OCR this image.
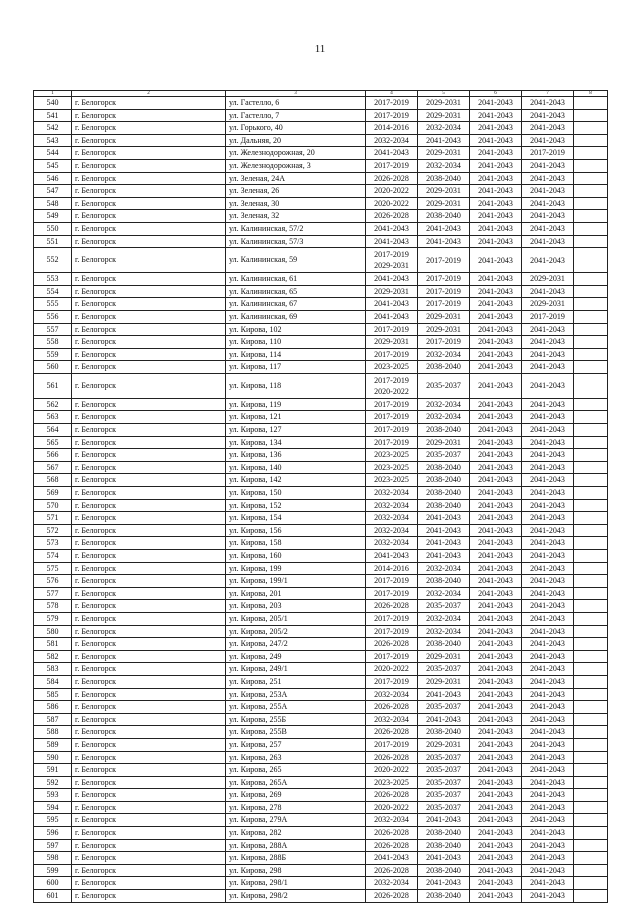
11
1	2	3	4	5	6	7	8
540	г. Белогорск	ул. Гастелло, 6	2017-2019	2029-2031	2041-2043	2041-2043	
541	г. Белогорск	ул. Гастелло, 7	2017-2019	2029-2031	2041-2043	2041-2043	
542	г. Белогорск	ул. Горького, 40	2014-2016	2032-2034	2041-2043	2041-2043	
543	г. Белогорск	ул. Дальняя, 20	2032-2034	2041-2043	2041-2043	2041-2043	
544	г. Белогорск	ул. Железнодорожная, 20	2041-2043	2029-2031	2041-2043	2017-2019	
545	г. Белогорск	ул. Железнодорожная, 3	2017-2019	2032-2034	2041-2043	2041-2043	
546	г. Белогорск	ул. Зеленая, 24А	2026-2028	2038-2040	2041-2043	2041-2043	
547	г. Белогорск	ул. Зеленая, 26	2020-2022	2029-2031	2041-2043	2041-2043	
548	г. Белогорск	ул. Зеленая, 30	2020-2022	2029-2031	2041-2043	2041-2043	
549	г. Белогорск	ул. Зеленая, 32	2026-2028	2038-2040	2041-2043	2041-2043	
550	г. Белогорск	ул. Калининская, 57/2	2041-2043	2041-2043	2041-2043	2041-2043	
551	г. Белогорск	ул. Калининская, 57/3	2041-2043	2041-2043	2041-2043	2041-2043	
552	г. Белогорск	ул. Калининская, 59	2017-2019 2029-2031	2017-2019	2041-2043	2041-2043	
553	г. Белогорск	ул. Калининская, 61	2041-2043	2017-2019	2041-2043	2029-2031	
554	г. Белогорск	ул. Калининская, 65	2029-2031	2017-2019	2041-2043	2041-2043	
555	г. Белогорск	ул. Калининская, 67	2041-2043	2017-2019	2041-2043	2029-2031	
556	г. Белогорск	ул. Калининская, 69	2041-2043	2029-2031	2041-2043	2017-2019	
557	г. Белогорск	ул. Кирова, 102	2017-2019	2029-2031	2041-2043	2041-2043	
558	г. Белогорск	ул. Кирова, 110	2029-2031	2017-2019	2041-2043	2041-2043	
559	г. Белогорск	ул. Кирова, 114	2017-2019	2032-2034	2041-2043	2041-2043	
560	г. Белогорск	ул. Кирова, 117	2023-2025	2038-2040	2041-2043	2041-2043	
561	г. Белогорск	ул. Кирова, 118	2017-2019 2020-2022	2035-2037	2041-2043	2041-2043	
562	г. Белогорск	ул. Кирова, 119	2017-2019	2032-2034	2041-2043	2041-2043	
563	г. Белогорск	ул. Кирова, 121	2017-2019	2032-2034	2041-2043	2041-2043	
564	г. Белогорск	ул. Кирова, 127	2017-2019	2038-2040	2041-2043	2041-2043	
565	г. Белогорск	ул. Кирова, 134	2017-2019	2029-2031	2041-2043	2041-2043	
566	г. Белогорск	ул. Кирова, 136	2023-2025	2035-2037	2041-2043	2041-2043	
567	г. Белогорск	ул. Кирова, 140	2023-2025	2038-2040	2041-2043	2041-2043	
568	г. Белогорск	ул. Кирова, 142	2023-2025	2038-2040	2041-2043	2041-2043	
569	г. Белогорск	ул. Кирова, 150	2032-2034	2038-2040	2041-2043	2041-2043	
570	г. Белогорск	ул. Кирова, 152	2032-2034	2038-2040	2041-2043	2041-2043	
571	г. Белогорск	ул. Кирова, 154	2032-2034	2041-2043	2041-2043	2041-2043	
572	г. Белогорск	ул. Кирова, 156	2032-2034	2041-2043	2041-2043	2041-2043	
573	г. Белогорск	ул. Кирова, 158	2032-2034	2041-2043	2041-2043	2041-2043	
574	г. Белогорск	ул. Кирова, 160	2041-2043	2041-2043	2041-2043	2041-2043	
575	г. Белогорск	ул. Кирова, 199	2014-2016	2032-2034	2041-2043	2041-2043	
576	г. Белогорск	ул. Кирова, 199/1	2017-2019	2038-2040	2041-2043	2041-2043	
577	г. Белогорск	ул. Кирова, 201	2017-2019	2032-2034	2041-2043	2041-2043	
578	г. Белогорск	ул. Кирова, 203	2026-2028	2035-2037	2041-2043	2041-2043	
579	г. Белогорск	ул. Кирова, 205/1	2017-2019	2032-2034	2041-2043	2041-2043	
580	г. Белогорск	ул. Кирова, 205/2	2017-2019	2032-2034	2041-2043	2041-2043	
581	г. Белогорск	ул. Кирова, 247/2	2026-2028	2038-2040	2041-2043	2041-2043	
582	г. Белогорск	ул. Кирова, 249	2017-2019	2029-2031	2041-2043	2041-2043	
583	г. Белогорск	ул. Кирова, 249/1	2020-2022	2035-2037	2041-2043	2041-2043	
584	г. Белогорск	ул. Кирова, 251	2017-2019	2029-2031	2041-2043	2041-2043	
585	г. Белогорск	ул. Кирова, 253А	2032-2034	2041-2043	2041-2043	2041-2043	
586	г. Белогорск	ул. Кирова, 255А	2026-2028	2035-2037	2041-2043	2041-2043	
587	г. Белогорск	ул. Кирова, 255Б	2032-2034	2041-2043	2041-2043	2041-2043	
588	г. Белогорск	ул. Кирова, 255В	2026-2028	2038-2040	2041-2043	2041-2043	
589	г. Белогорск	ул. Кирова, 257	2017-2019	2029-2031	2041-2043	2041-2043	
590	г. Белогорск	ул. Кирова, 263	2026-2028	2035-2037	2041-2043	2041-2043	
591	г. Белогорск	ул. Кирова, 265	2020-2022	2035-2037	2041-2043	2041-2043	
592	г. Белогорск	ул. Кирова, 265А	2023-2025	2035-2037	2041-2043	2041-2043	
593	г. Белогорск	ул. Кирова, 269	2026-2028	2035-2037	2041-2043	2041-2043	
594	г. Белогорск	ул. Кирова, 278	2020-2022	2035-2037	2041-2043	2041-2043	
595	г. Белогорск	ул. Кирова, 279А	2032-2034	2041-2043	2041-2043	2041-2043	
596	г. Белогорск	ул. Кирова, 282	2026-2028	2038-2040	2041-2043	2041-2043	
597	г. Белогорск	ул. Кирова, 288А	2026-2028	2038-2040	2041-2043	2041-2043	
598	г. Белогорск	ул. Кирова, 288Б	2041-2043	2041-2043	2041-2043	2041-2043	
599	г. Белогорск	ул. Кирова, 298	2026-2028	2038-2040	2041-2043	2041-2043	
600	г. Белогорск	ул. Кирова, 298/1	2032-2034	2041-2043	2041-2043	2041-2043	
601	г. Белогорск	ул. Кирова, 298/2	2026-2028	2038-2040	2041-2043	2041-2043	
